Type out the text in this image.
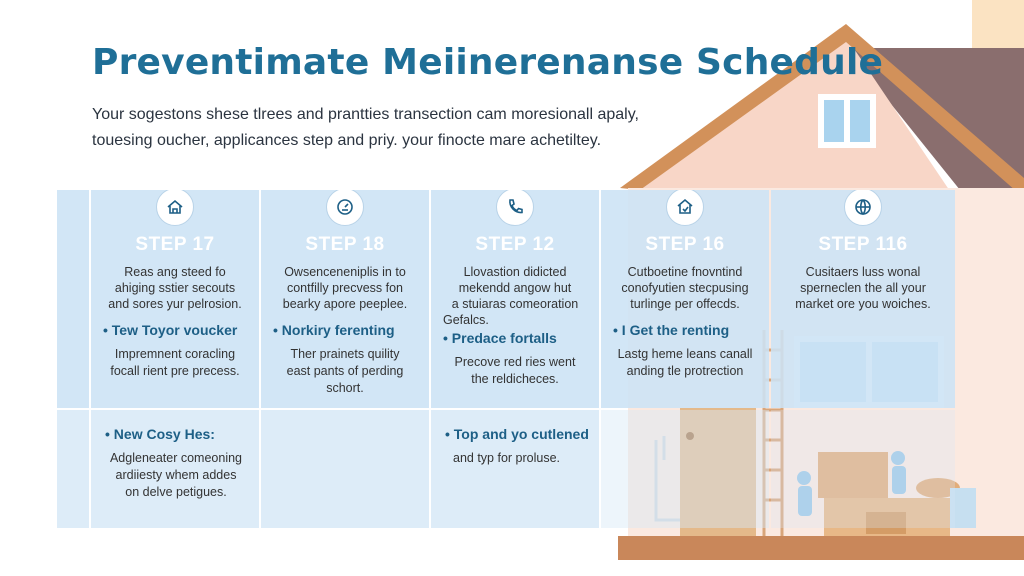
Preventimate Meiinerenanse Schedule
Your sogestons shese tlrees and prantties transection cam moresionall apaly,
touesing oucher, applicances step and priy. your finocte mare achetiltey.
STEP 17
Reas ang steed fo
ahiging sstier secouts
and sores yur pelrosion.
• Tew Toyor voucker
Impremnent coracling
focall rient pre precess.
STEP 18
Owsenceneniplis in to
contfilly precvess fon
bearky apore peeplee.
• Norkiry ferenting
Ther prainets quility
east pants of perding
schort.
STEP 12
Llovastion didicted
mekendd angow hut
a stuiaras comeoration
Gefalcs.
• Predace fortalls
Precove red ries went
the reldicheces.
STEP 16
Cutboetine fnovntind
conofyutien stecpusing
turlinge per offecds.
• I Get the renting
Lastg heme leans canall
anding tle protrection
STEP 116
Cusitaers luss wonal
sperneclen the all your
market ore you woiches.
• New Cosy Hes:
Adgleneater comeoning
ardiiesty whem addes
on delve petigues.
• Top and yo cutlened
and typ for proluse.
